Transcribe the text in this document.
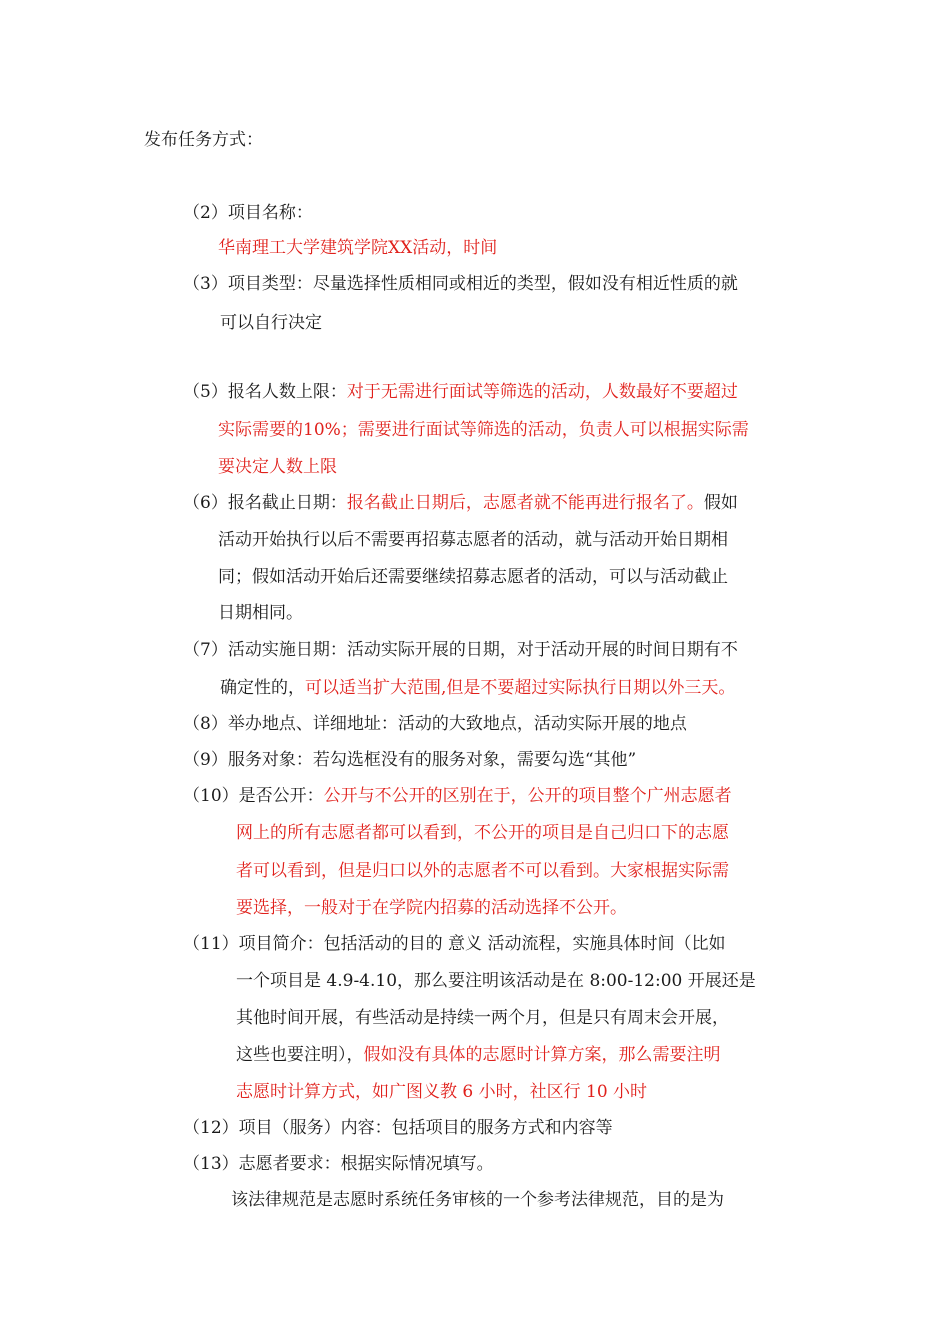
发布任务方式：
（2）项目名称：
华南理工大学建筑学院XX活动，时间
（3）项目类型：尽量选择性质相同或相近的类型，假如没有相近性质的就
可以自行决定
（5）报名人数上限：对于无需进行面试等筛选的活动，人数最好不要超过
实际需要的10%；需要进行面试等筛选的活动，负责人可以根据实际需
要决定人数上限
（6）报名截止日期：报名截止日期后，志愿者就不能再进行报名了。假如
活动开始执行以后不需要再招募志愿者的活动，就与活动开始日期相
同；假如活动开始后还需要继续招募志愿者的活动，可以与活动截止
日期相同。
（7）活动实施日期：活动实际开展的日期，对于活动开展的时间日期有不
确定性的，可以适当扩大范围,但是不要超过实际执行日期以外三天。
（8）举办地点、详细地址：活动的大致地点，活动实际开展的地点
（9）服务对象：若勾选框没有的服务对象，需要勾选“其他”
（10）是否公开：公开与不公开的区别在于，公开的项目整个广州志愿者
网上的所有志愿者都可以看到，不公开的项目是自己归口下的志愿
者可以看到，但是归口以外的志愿者不可以看到。大家根据实际需
要选择，一般对于在学院内招募的活动选择不公开。
（11）项目简介：包括活动的目的 意义 活动流程，实施具体时间（比如
一个项目是 4.9-4.10，那么要注明该活动是在 8:00-12:00 开展还是
其他时间开展，有些活动是持续一两个月，但是只有周末会开展，
这些也要注明），假如没有具体的志愿时计算方案，那么需要注明
志愿时计算方式，如广图义教 6 小时，社区行 10 小时
（12）项目（服务）内容：包括项目的服务方式和内容等
（13）志愿者要求：根据实际情况填写。
该法律规范是志愿时系统任务审核的一个参考法律规范，目的是为
